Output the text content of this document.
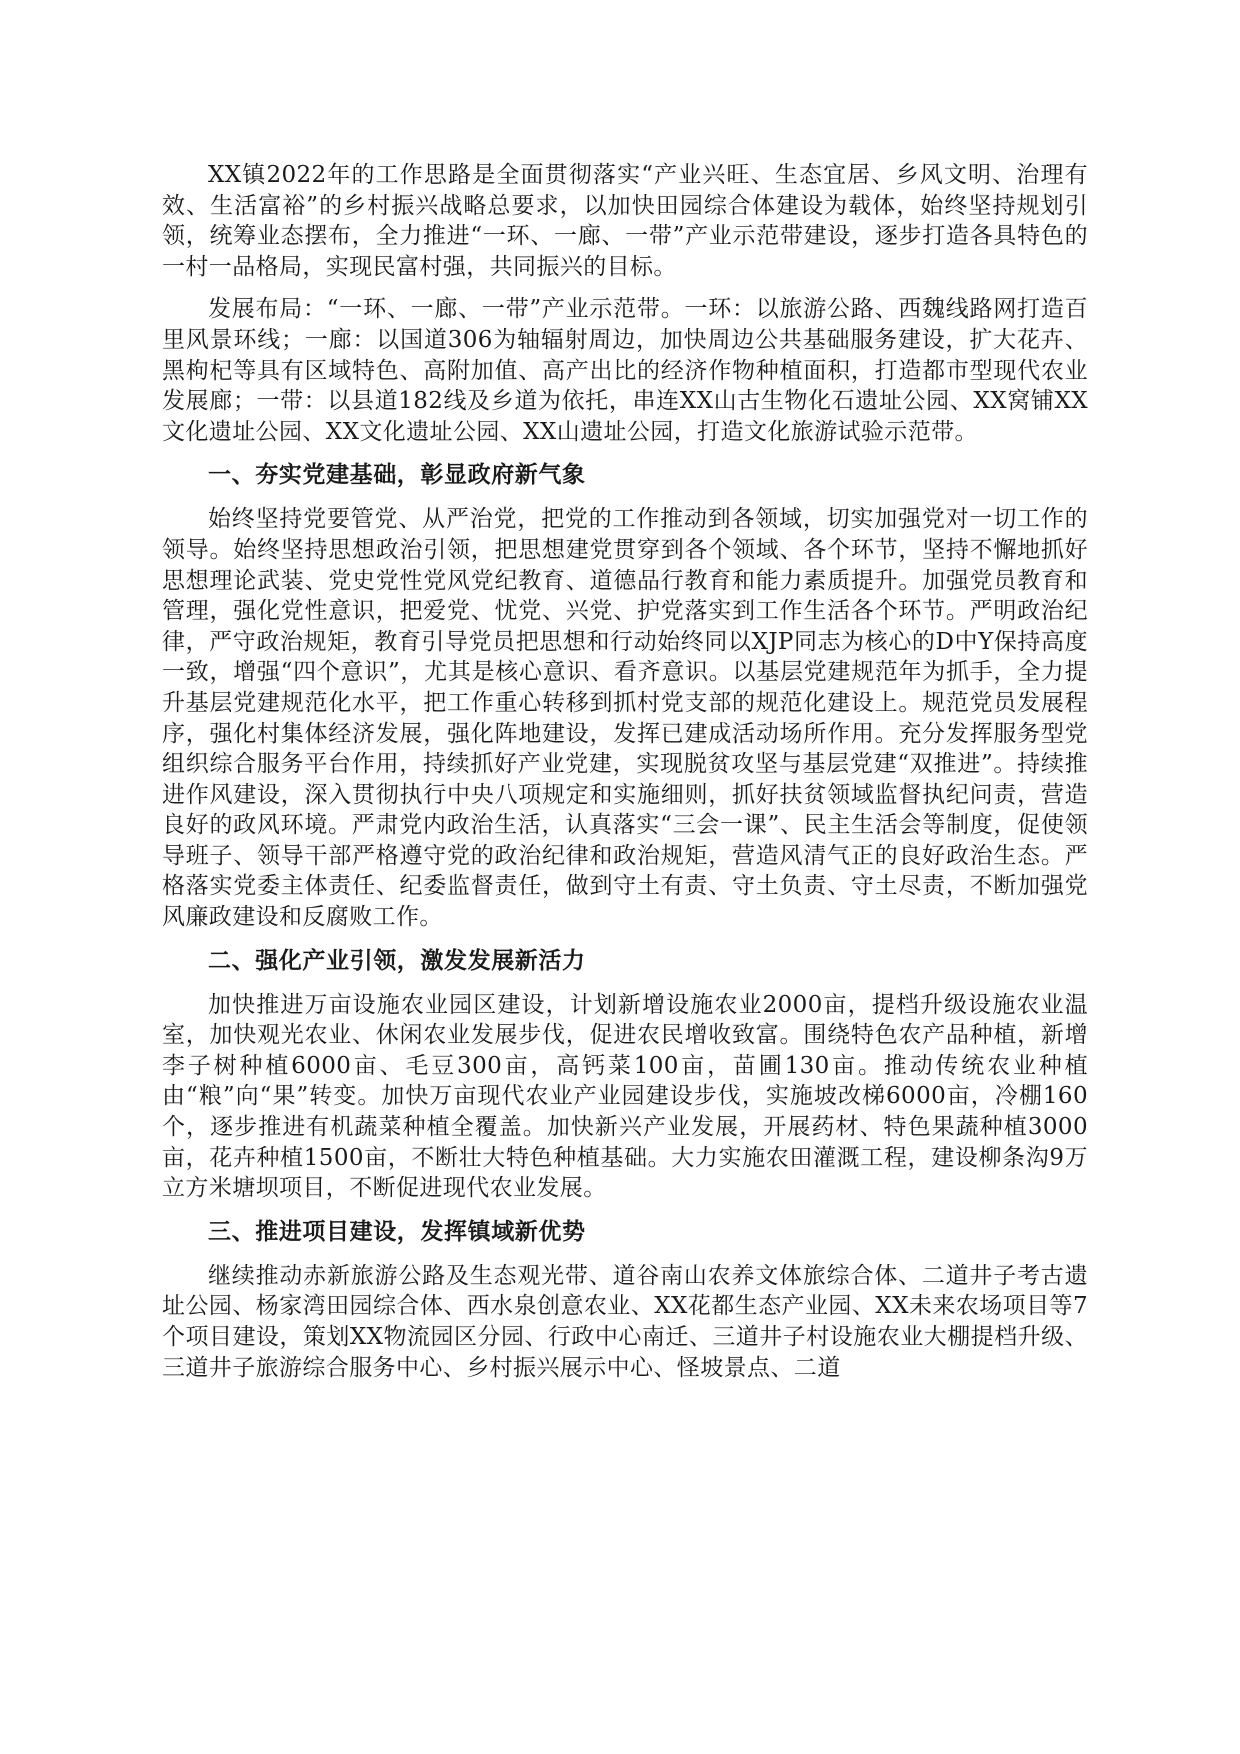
XX镇2022年的工作思路是全面贯彻落实“产业兴旺、生态宜居、乡风文明、治理有效、生活富裕”的乡村振兴战略总要求，以加快田园综合体建设为载体，始终坚持规划引领，统筹业态摆布，全力推进“一环、一廊、一带”产业示范带建设，逐步打造各具特色的一村一品格局，实现民富村强，共同振兴的目标。

发展布局：“一环、一廊、一带”产业示范带。一环：以旅游公路、西魏线路网打造百里风景环线；一廊：以国道306为轴辐射周边，加快周边公共基础服务建设，扩大花卉、黑枸杞等具有区域特色、高附加值、高产出比的经济作物种植面积，打造都市型现代农业发展廊；一带：以县道182线及乡道为依托，串连XX山古生物化石遗址公园、XX窝铺XX文化遗址公园、XX文化遗址公园、XX山遗址公园，打造文化旅游试验示范带。

一、夯实党建基础，彰显政府新气象

始终坚持党要管党、从严治党，把党的工作推动到各领域，切实加强党对一切工作的领导。始终坚持思想政治引领，把思想建党贯穿到各个领域、各个环节，坚持不懈地抓好思想理论武装、党史党性党风党纪教育、道德品行教育和能力素质提升。加强党员教育和管理，强化党性意识，把爱党、忧党、兴党、护党落实到工作生活各个环节。严明政治纪律，严守政治规矩，教育引导党员把思想和行动始终同以XJP同志为核心的D中Y保持高度一致，增强“四个意识”，尤其是核心意识、看齐意识。以基层党建规范年为抓手，全力提升基层党建规范化水平，把工作重心转移到抓村党支部的规范化建设上。规范党员发展程序，强化村集体经济发展，强化阵地建设，发挥已建成活动场所作用。充分发挥服务型党组织综合服务平台作用，持续抓好产业党建，实现脱贫攻坚与基层党建“双推进”。持续推进作风建设，深入贯彻执行中央八项规定和实施细则，抓好扶贫领域监督执纪问责，营造良好的政风环境。严肃党内政治生活，认真落实“三会一课”、民主生活会等制度，促使领导班子、领导干部严格遵守党的政治纪律和政治规矩，营造风清气正的良好政治生态。严格落实党委主体责任、纪委监督责任，做到守土有责、守土负责、守土尽责，不断加强党风廉政建设和反腐败工作。

二、强化产业引领，激发发展新活力

加快推进万亩设施农业园区建设，计划新增设施农业2000亩，提档升级设施农业温室，加快观光农业、休闲农业发展步伐，促进农民增收致富。围绕特色农产品种植，新增李子树种植6000亩、毛豆300亩，高钙菜100亩，苗圃130亩。推动传统农业种植由“粮”向“果”转变。加快万亩现代农业产业园建设步伐，实施坡改梯6000亩，冷棚160个，逐步推进有机蔬菜种植全覆盖。加快新兴产业发展，开展药材、特色果蔬种植3000亩，花卉种植1500亩，不断壮大特色种植基础。大力实施农田灌溉工程，建设柳条沟9万立方米塘坝项目，不断促进现代农业发展。

三、推进项目建设，发挥镇域新优势

继续推动赤新旅游公路及生态观光带、道谷南山农养文体旅综合体、二道井子考古遗址公园、杨家湾田园综合体、西水泉创意农业、XX花都生态产业园、XX未来农场项目等7个项目建设，策划XX物流园区分园、行政中心南迁、三道井子村设施农业大棚提档升级、三道井子旅游综合服务中心、乡村振兴展示中心、怪坡景点、二道
